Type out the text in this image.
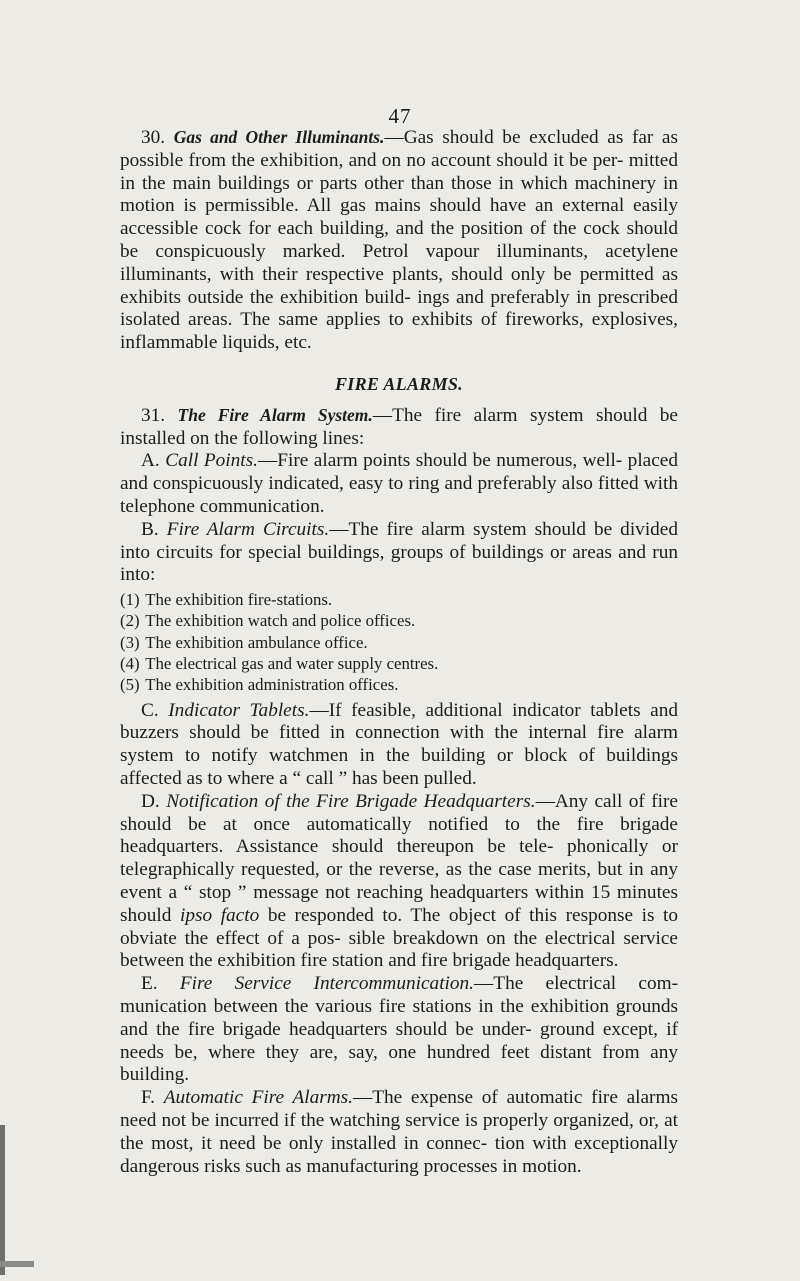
47

30. Gas and Other Illuminants.—Gas should be excluded as far as possible from the exhibition, and on no account should it be per- mitted in the main buildings or parts other than those in which machinery in motion is permissible. All gas mains should have an external easily accessible cock for each building, and the position of the cock should be conspicuously marked. Petrol vapour illuminants, acetylene illuminants, with their respective plants, should only be permitted as exhibits outside the exhibition build- ings and preferably in prescribed isolated areas. The same applies to exhibits of fireworks, explosives, inflammable liquids, etc.

FIRE ALARMS.

31. The Fire Alarm System.—The fire alarm system should be installed on the following lines:

A. Call Points.—Fire alarm points should be numerous, well- placed and conspicuously indicated, easy to ring and preferably also fitted with telephone communication.

B. Fire Alarm Circuits.—The fire alarm system should be divided into circuits for special buildings, groups of buildings or areas and run into:

(1)
The exhibition fire-stations.
(2)
The exhibition watch and police offices.
(3)
The exhibition ambulance office.
(4)
The electrical gas and water supply centres.
(5)
The exhibition administration offices.

C. Indicator Tablets.—If feasible, additional indicator tablets and buzzers should be fitted in connection with the internal fire alarm system to notify watchmen in the building or block of buildings affected as to where a “ call ” has been pulled.

D. Notification of the Fire Brigade Headquarters.—Any call of fire should be at once automatically notified to the fire brigade headquarters. Assistance should thereupon be tele- phonically or telegraphically requested, or the reverse, as the case merits, but in any event a “ stop ” message not reaching headquarters within 15 minutes should ipso facto be responded to. The object of this response is to obviate the effect of a pos- sible breakdown on the electrical service between the exhibition fire station and fire brigade headquarters.

E. Fire Service Intercommunication.—The electrical com- munication between the various fire stations in the exhibition grounds and the fire brigade headquarters should be under- ground except, if needs be, where they are, say, one hundred feet distant from any building.

F. Automatic Fire Alarms.—The expense of automatic fire alarms need not be incurred if the watching service is properly organized, or, at the most, it need be only installed in connec- tion with exceptionally dangerous risks such as manufacturing processes in motion.
